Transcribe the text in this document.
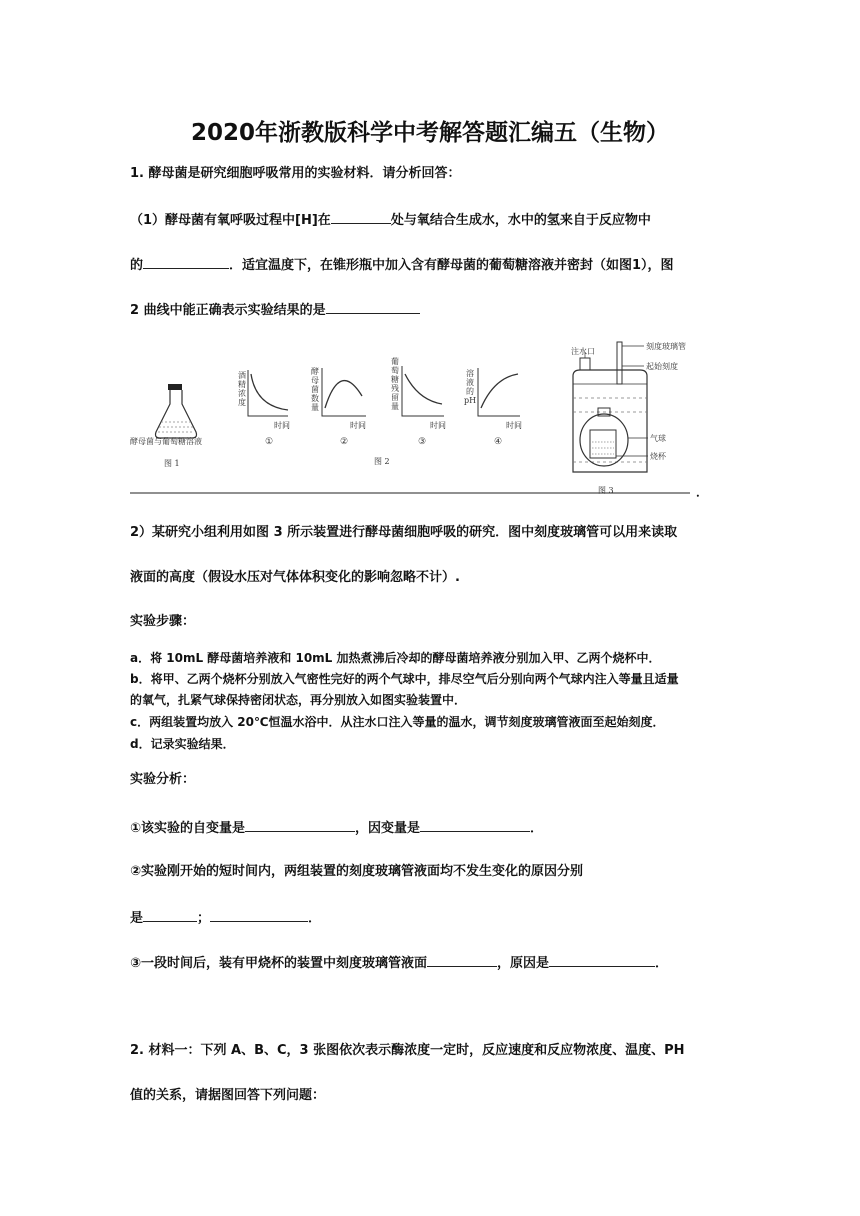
2020年浙教版科学中考解答题汇编五（生物）
1. 酵母菌是研究细胞呼吸常用的实验材料．请分析回答：
（1）酵母菌有氧呼吸过程中[H]在	处与氧结合生成水，水中的氢来自于反应物中
的	．适宜温度下，在锥形瓶中加入含有酵母菌的葡萄糖溶液并密封（如图1），图
2 曲线中能正确表示实验结果的是
酵母菌与葡萄糖溶液
图 1
酒
精
浓
度
时间
①
酵
母
菌
数
量
时间
②
图 2
葡
萄
糖
残
留
量
时间
③
溶
液
的
pH
时间
④
注水口
刻度玻璃管
起始刻度
气球
烧杯
图 3	．
2）某研究小组利用如图 3 所示装置进行酵母菌细胞呼吸的研究．图中刻度玻璃管可以用来读取
液面的高度（假设水压对气体体积变化的影响忽略不计）.
实验步骤：
a．将 10mL 酵母菌培养液和 10mL 加热煮沸后冷却的酵母菌培养液分别加入甲、乙两个烧杯中．
b．将甲、乙两个烧杯分别放入气密性完好的两个气球中，排尽空气后分别向两个气球内注入等量且适量
的氧气，扎紧气球保持密闭状态，再分别放入如图实验装置中．
c．两组装置均放入 20℃恒温水浴中．从注水口注入等量的温水，调节刻度玻璃管液面至起始刻度．
d．记录实验结果．
实验分析：
①该实验的自变量是	，因变量是	．
②实验刚开始的短时间内，两组装置的刻度玻璃管液面均不发生变化的原因分别
是	；	．
③一段时间后，装有甲烧杯的装置中刻度玻璃管液面	，原因是	．
2. 材料一：下列 A、B、C，3 张图依次表示酶浓度一定时，反应速度和反应物浓度、温度、PH
值的关系，请据图回答下列问题：
